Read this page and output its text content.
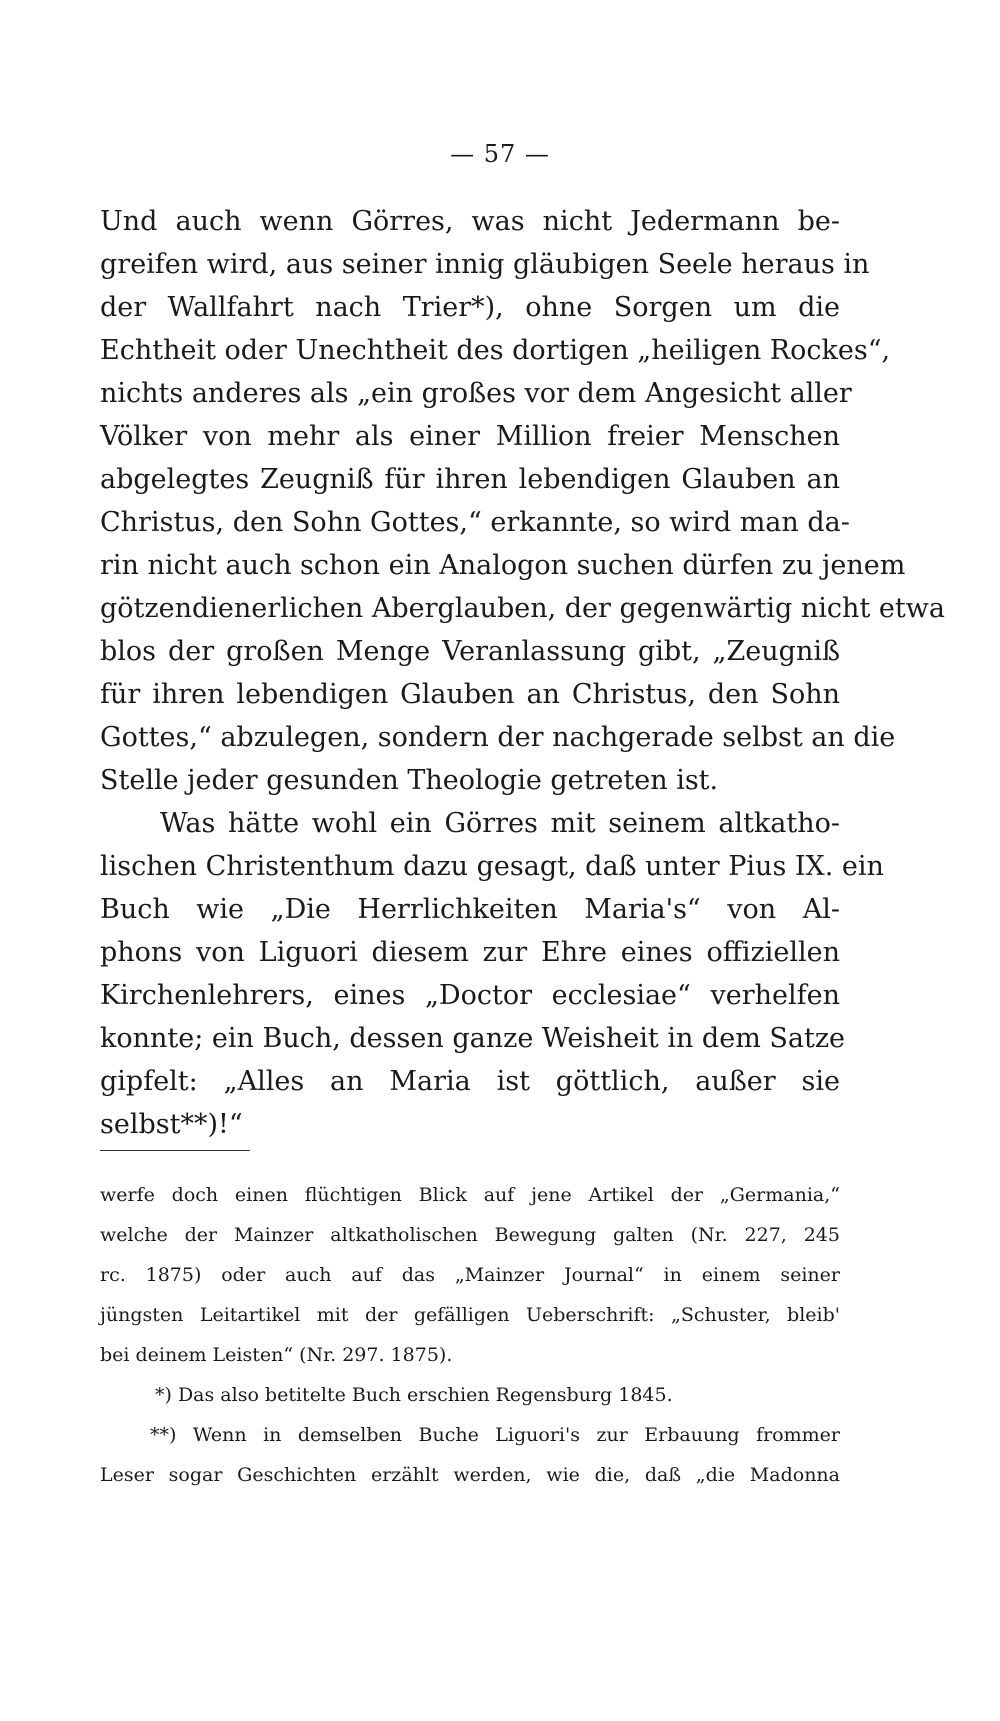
— 57 —
Und auch wenn Görres, was nicht Jedermann be-
greifen wird, aus seiner innig gläubigen Seele heraus in
der Wallfahrt nach Trier*), ohne Sorgen um die
Echtheit oder Unechtheit des dortigen „heiligen Rockes“,
nichts anderes als „ein großes vor dem Angesicht aller
Völker von mehr als einer Million freier Menschen
abgelegtes Zeugniß für ihren lebendigen Glauben an
Christus, den Sohn Gottes,“ erkannte, so wird man da-
rin nicht auch schon ein Analogon suchen dürfen zu jenem
götzendienerlichen Aberglauben, der gegenwärtig nicht etwa
blos der großen Menge Veranlassung gibt, „Zeugniß
für ihren lebendigen Glauben an Christus, den Sohn
Gottes,“ abzulegen, sondern der nachgerade selbst an die
Stelle jeder gesunden Theologie getreten ist.
Was hätte wohl ein Görres mit seinem altkatho-
lischen Christenthum dazu gesagt, daß unter Pius IX. ein
Buch wie „Die Herrlichkeiten Maria's“ von Al-
phons von Liguori diesem zur Ehre eines offiziellen
Kirchenlehrers, eines „Doctor ecclesiae“ verhelfen
konnte; ein Buch, dessen ganze Weisheit in dem Satze
gipfelt: „Alles an Maria ist göttlich, außer sie
selbst**)!“
werfe doch einen flüchtigen Blick auf jene Artikel der „Germania,“
welche der Mainzer altkatholischen Bewegung galten (Nr. 227, 245
rc. 1875) oder auch auf das „Mainzer Journal“ in einem seiner
jüngsten Leitartikel mit der gefälligen Ueberschrift: „Schuster, bleib'
bei deinem Leisten“ (Nr. 297. 1875).
*) Das also betitelte Buch erschien Regensburg 1845.
**) Wenn in demselben Buche Liguori's zur Erbauung frommer
Leser sogar Geschichten erzählt werden, wie die, daß „die Madonna
